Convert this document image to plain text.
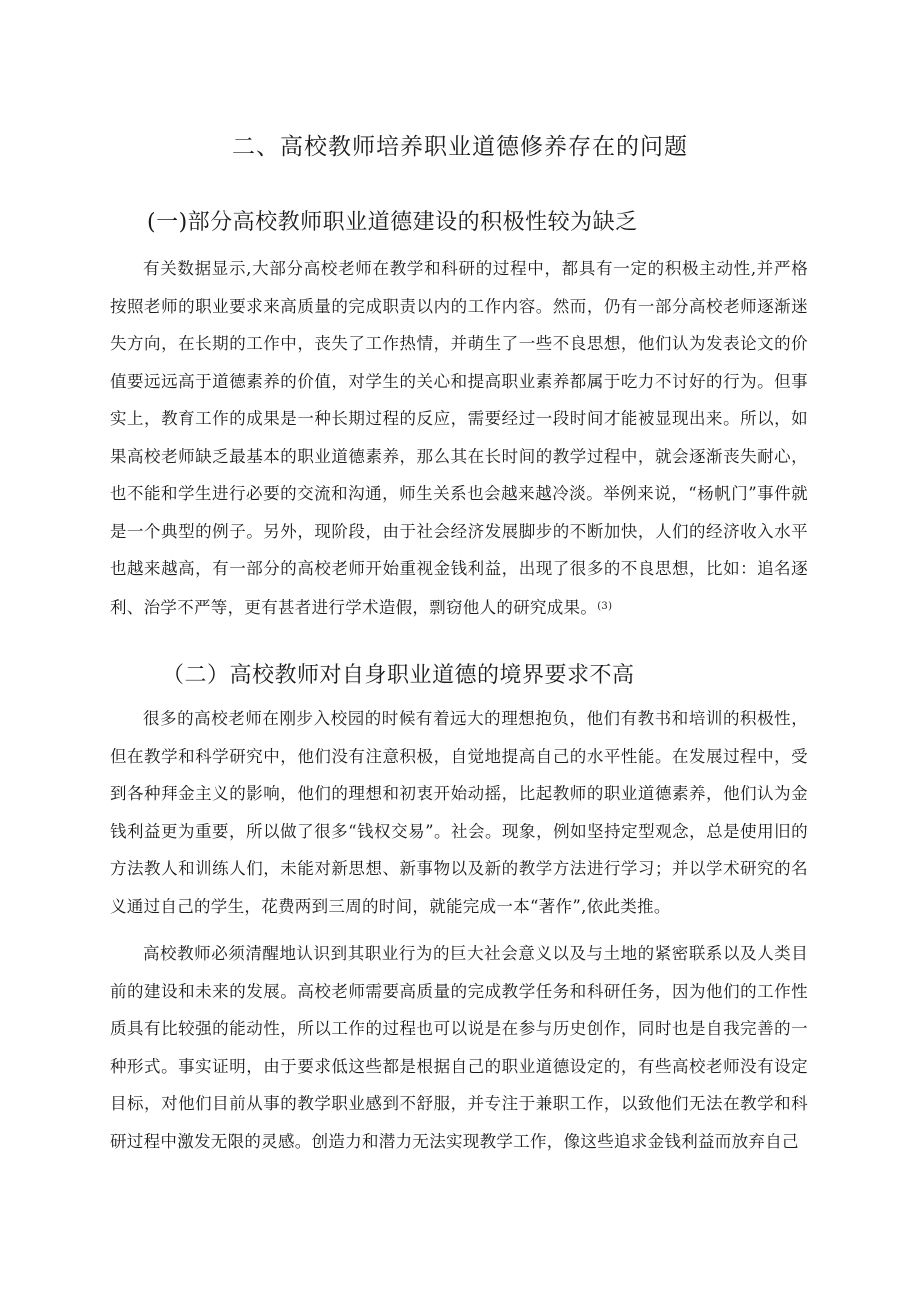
二、高校教师培养职业道德修养存在的问题
(一)部分高校教师职业道德建设的积极性较为缺乏
有关数据显示,大部分高校老师在教学和科研的过程中，都具有一定的积极主动性,并严格按照老师的职业要求来高质量的完成职责以内的工作内容。然而，仍有一部分高校老师逐渐迷失方向，在长期的工作中，丧失了工作热情，并萌生了一些不良思想，他们认为发表论文的价值要远远高于道德素养的价值，对学生的关心和提高职业素养都属于吃力不讨好的行为。但事实上，教育工作的成果是一种长期过程的反应，需要经过一段时间才能被显现出来。所以，如果高校老师缺乏最基本的职业道德素养，那么其在长时间的教学过程中，就会逐渐丧失耐心，也不能和学生进行必要的交流和沟通，师生关系也会越来越冷淡。举例来说，“杨帆门”事件就是一个典型的例子。另外，现阶段，由于社会经济发展脚步的不断加快，人们的经济收入水平也越来越高，有一部分的高校老师开始重视金钱利益，出现了很多的不良思想，比如：追名逐利、治学不严等，更有甚者进行学术造假，剽窃他人的研究成果。$^{(3)}$
（二）高校教师对自身职业道德的境界要求不高
很多的高校老师在刚步入校园的时候有着远大的理想抱负，他们有教书和培训的积极性，但在教学和科学研究中，他们没有注意积极，自觉地提高自己的水平性能。在发展过程中，受到各种拜金主义的影响，他们的理想和初衷开始动摇，比起教师的职业道德素养，他们认为金钱利益更为重要，所以做了很多“钱权交易”。社会。现象，例如坚持定型观念，总是使用旧的方法教人和训练人们，未能对新思想、新事物以及新的教学方法进行学习；并以学术研究的名义通过自己的学生，花费两到三周的时间，就能完成一本“著作”,依此类推。
高校教师必须清醒地认识到其职业行为的巨大社会意义以及与土地的紧密联系以及人类目前的建设和未来的发展。高校老师需要高质量的完成教学任务和科研任务，因为他们的工作性质具有比较强的能动性，所以工作的过程也可以说是在参与历史创作，同时也是自我完善的一种形式。事实证明，由于要求低这些都是根据自己的职业道德设定的，有些高校老师没有设定目标，对他们目前从事的教学职业感到不舒服，并专注于兼职工作，以致他们无法在教学和科研过程中激发无限的灵感。创造力和潜力无法实现教学工作，像这些追求金钱利益而放弃自己
